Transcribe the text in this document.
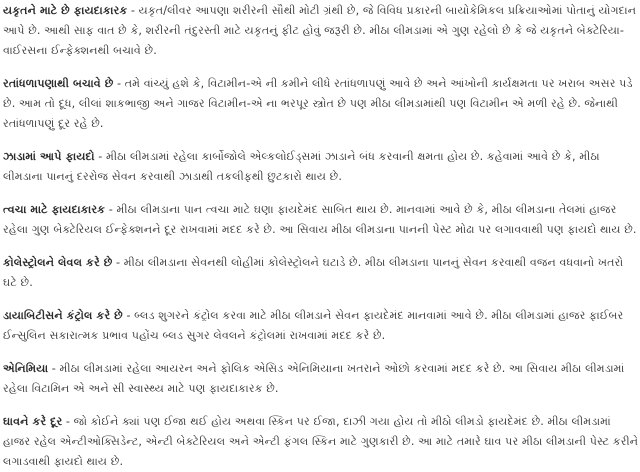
યકૃતને માટે છે ફાયદાકારક - યકૃત/લીવર આપણા શરીરની સૌથી મોટી ગ્રંથી છે, જે વિવિધ પ્રકારની બાયોકેમિકલ પ્રક્રિયાઓમાં પોતાનું યોગદાન આપે છે. આથી સાફ વાત છે કે, શરીરની તંદુરસ્તી માટે યકૃતનું ફીટ હોવું જરૂરી છે. મીઠા લીમડામાં એ ગુણ રહેલો છે કે જે યકૃતને બેક્ટેરિયા-વાઈરસના ઈન્ફેક્શનથી બચાવે છે.

રતાંધળાપણાથી બચાવે છે - તમે વાંચ્યું હશે કે, વિટામીન-એ ની કમીને લીધે રતાંધળાપણું આવે છે અને આંખોની કાર્યક્ષમતા પર ખરાબ અસર પડે છે. આમ તો દૂધ, લીલાં શાકભાજી અને ગાજર વિટામીન-એ ના ભરપૂર સ્ત્રોત છે પણ મીઠા લીમડામાંથી પણ વિટામીન એ મળી રહે છે. જેનાથી રતાંધળાપણું દૂર રહે છે.

ઝાડામાં આપે ફાયદો - મીઠા લીમડામાં રહેલા કાર્બોજોલે એલ્કલોઈડ્સમાં ઝાડાને બંધ કરવાની ક્ષમતા હોય છે. કહેવામાં આવે છે કે, મીઠા લીમડાના પાનનું દરરોજ સેવન કરવાથી ઝાડાથી તકલીફથી છુટકારો થાય છે.

ત્વચા માટે ફાયદાકારક - મીઠા લીમડાના પાન ત્વચા માટે ઘણા ફાયદેમંદ સાબિત થાય છે. માનવામાં આવે છે કે, મીઠા લીમડાના તેલમાં હાજર રહેલા ગુણ બેક્ટેરિયલ ઈન્ફેક્શનને દૂર રાખવામાં મદદ કરે છે. આ સિવાય મીઠા લીમડાના પાનની પેસ્ટ મોઢા પર લગાવવાથી પણ ફાયદો થાય છે.

કોલેસ્ટ્રોલને લેવલ કરે છે - મીઠા લીમડાના સેવનથી લોહીમાં કોલેસ્ટ્રોલને ઘટાડે છે. મીઠા લીમડાના પાનનું સેવન કરવાથી વજન વધવાનો ખતરો ઘટે છે.

ડાયાબિટીસને કંટ્રોલ કરે છે - બ્લડ શુગરને કંટ્રોલ કરવા માટે મીઠા લીમડાને સેવન ફાયદેમંદ માનવામાં આવે છે. મીઠા લીમડામાં હાજર ફાઈબર ઈન્સુલિન સકારાત્મક પ્રભાવ પહોંચ બ્લડ સુગર લેવલને કંટ્રોલમાં રાખવામાં મદદ કરે છે.

એનિમિયા - મીઠા લીમડામાં રહેલા આયરન અને ફોલિક એસિડ એનિમિયાના ખતરાને ઓછો કરવામાં મદદ કરે છે. આ સિવાય મીઠા લીમડામાં રહેલા વિટામિન એ અને સી સ્વાસ્થ્ય માટે પણ ફાયદાકારક છે.

ઘાવને કરે દૂર - જો કોઈને ક્યાં પણ ઈજા થઈ હોય અથવા સ્કિન પર ઈજા, દાઝી ગયા હોય તો મીઠો લીમડો ફાયદેમંદ છે. મીઠા લીમડામાં હાજર રહેલ એન્ટીઓક્સિડેન્ટ, એન્ટી બેક્ટેરિયલ અને એન્ટી ફંગલ સ્કિન માટે ગુણકારી છે. આ માટે તમારે ઘાવ પર મીઠા લીમડાની પેસ્ટ કરીને લગાડવાથી ફાયદો થાય છે.
